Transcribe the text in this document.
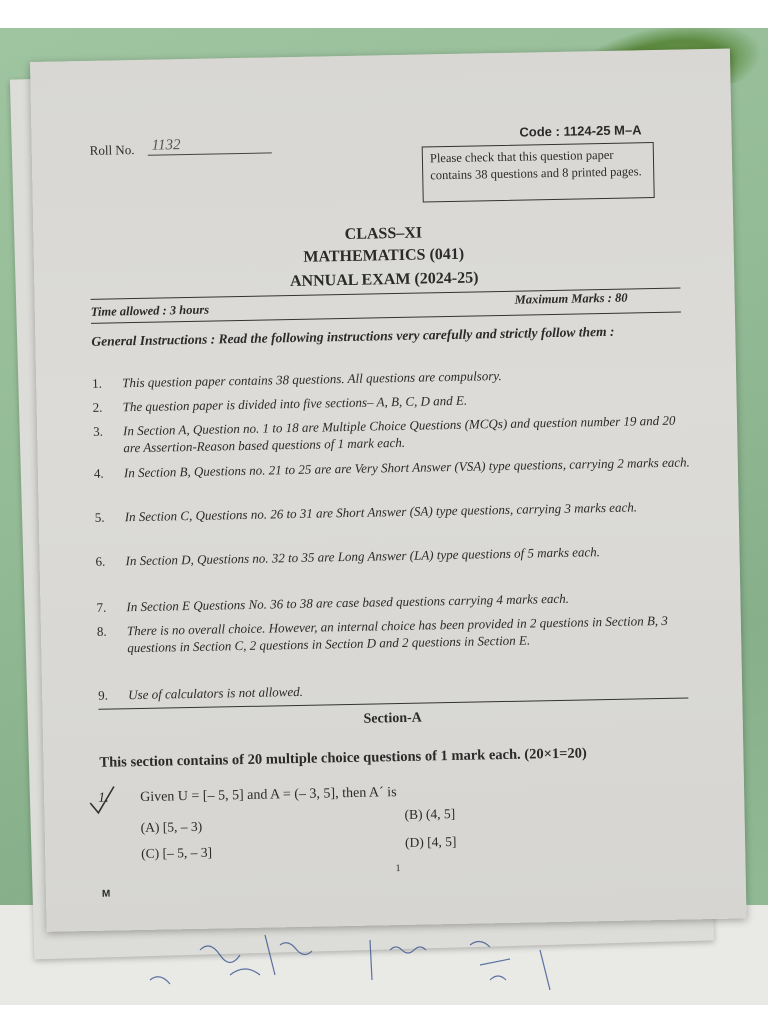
Roll No. 1132
Code : 1124-25 M–A
Please check that this question paper contains 38 questions and 8 printed pages.
CLASS–XI
MATHEMATICS (041)
ANNUAL EXAM (2024-25)
Time allowed : 3 hours
Maximum Marks : 80
General Instructions : Read the following instructions very carefully and strictly follow them :
1. This question paper contains 38 questions. All questions are compulsory.
2. The question paper is divided into five sections– A, B, C, D and E.
3. In Section A, Question no. 1 to 18 are Multiple Choice Questions (MCQs) and question number 19 and 20 are Assertion-Reason based questions of 1 mark each.
4. In Section B, Questions no. 21 to 25 are are Very Short Answer (VSA) type questions, carrying 2 marks each.
5. In Section C, Questions no. 26 to 31 are Short Answer (SA) type questions, carrying 3 marks each.
6. In Section D, Questions no. 32 to 35 are Long Answer (LA) type questions of 5 marks each.
7. In Section E Questions No. 36 to 38 are case based questions carrying 4 marks each.
8. There is no overall choice. However, an internal choice has been provided in 2 questions in Section B, 3 questions in Section C, 2 questions in Section D and 2 questions in Section E.
9. Use of calculators is not allowed.
Section-A
This section contains of 20 multiple choice questions of 1 mark each. (20×1=20)
1. Given U = [– 5, 5] and A = (– 3, 5], then A´ is
(A) [5, – 3)
(B) (4, 5]
(C) [– 5, – 3]
(D) [4, 5]
1
M
